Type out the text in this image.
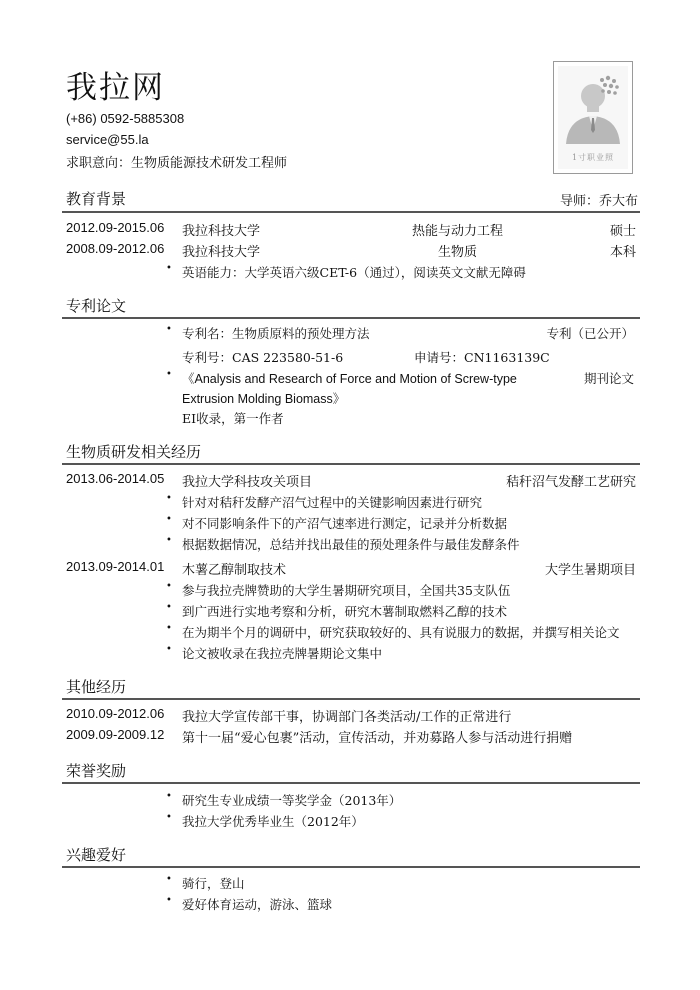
我拉网
(+86) 0592-5885308
service@55.la
求职意向：生物质能源技术研发工程师	1寸职业照
教育背景	导师：乔大布
2012.09-2015.06 我拉科技大学	热能与动力工程	硕士
2008.09-2012.06 我拉科技大学	生物质	本科
• 英语能力：大学英语六级CET-6（通过），阅读英文文献无障碍
专利论文
• 专利名：生物质原料的预处理方法	专利（已公开）
专利号：CAS 223580-51-6	申请号：CN1163139C
• 《Analysis and Research of Force and Motion of Screw-type	期刊论文
Extrusion Molding Biomass》
EI收录，第一作者
生物质研发相关经历
2013.06-2014.05 我拉大学科技攻关项目	秸秆沼气发酵工艺研究
• 针对对秸秆发酵产沼气过程中的关键影响因素进行研究
• 对不同影响条件下的产沼气速率进行测定，记录并分析数据
• 根据数据情况，总结并找出最佳的预处理条件与最佳发酵条件
2013.09-2014.01 木薯乙醇制取技术	大学生暑期项目
• 参与我拉壳牌赞助的大学生暑期研究项目，全国共35支队伍
• 到广西进行实地考察和分析，研究木薯制取燃料乙醇的技术
• 在为期半个月的调研中，研究获取较好的、具有说服力的数据，并撰写相关论文
• 论文被收录在我拉壳牌暑期论文集中
其他经历
2010.09-2012.06 我拉大学宣传部干事，协调部门各类活动/工作的正常进行
2009.09-2009.12 第十一届“爱心包裹”活动，宣传活动，并劝募路人参与活动进行捐赠
荣誉奖励
• 研究生专业成绩一等奖学金（2013年）
• 我拉大学优秀毕业生（2012年）
兴趣爱好
• 骑行，登山
• 爱好体育运动，游泳、篮球
